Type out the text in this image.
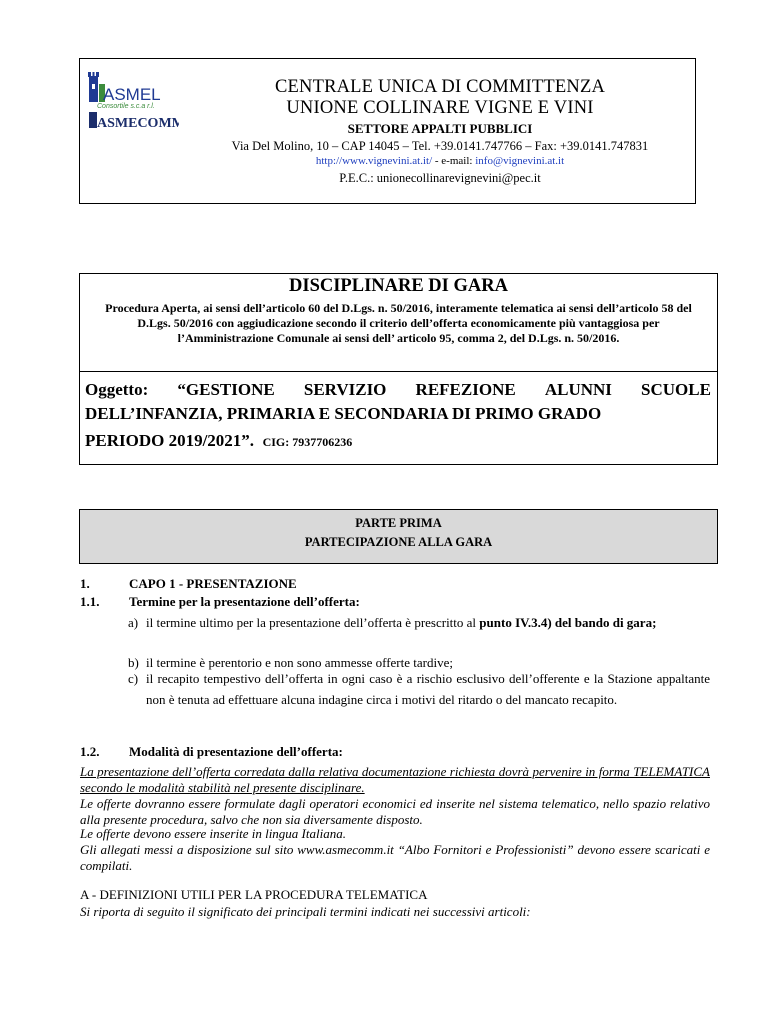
ASMEL
Consortile s.c.a r.l.
ASMECOMM
CENTRALE UNICA DI COMMITTENZA
UNIONE COLLINARE VIGNE E VINI
SETTORE APPALTI PUBBLICI
Via Del Molino, 10 – CAP 14045 – Tel. +39.0141.747766 – Fax: +39.0141.747831
http://www.vignevini.at.it/ - e-mail: info@vignevini.at.it
P.E.C.: unionecollinarevignevini@pec.it
DISCIPLINARE DI GARA
Procedura Aperta, ai sensi dell’articolo 60 del D.Lgs. n. 50/2016, interamente telematica ai sensi dell’articolo 58 del D.Lgs. 50/2016 con aggiudicazione secondo il criterio dell’offerta economicamente più vantaggiosa per l’Amministrazione Comunale ai sensi dell’ articolo 95, comma 2, del D.Lgs. n. 50/2016.
Oggetto: “GESTIONE SERVIZIO REFEZIONE ALUNNI SCUOLE
DELL’INFANZIA, PRIMARIA E SECONDARIA DI PRIMO GRADO
PERIODO 2019/2021”. CIG: 7937706236
PARTE PRIMA
PARTECIPAZIONE ALLA GARA
1.	CAPO 1 - PRESENTAZIONE
1.1. Termine per la presentazione dell’offerta:
a) il termine ultimo per la presentazione dell’offerta è prescritto al punto IV.3.4) del bando di gara;
b) il termine è perentorio e non sono ammesse offerte tardive;
c) il recapito tempestivo dell’offerta in ogni caso è a rischio esclusivo dell’offerente e la Stazione appaltante non è tenuta ad effettuare alcuna indagine circa i motivi del ritardo o del mancato recapito.
1.2. Modalità di presentazione dell’offerta:
La presentazione dell’offerta corredata dalla relativa documentazione richiesta dovrà pervenire in forma TELEMATICA secondo le modalità stabilità nel presente disciplinare.
Le offerte dovranno essere formulate dagli operatori economici ed inserite nel sistema telematico, nello spazio relativo alla presente procedura, salvo che non sia diversamente disposto.
Le offerte devono essere inserite in lingua Italiana.
Gli allegati messi a disposizione sul sito www.asmecomm.it “Albo Fornitori e Professionisti” devono essere scaricati e compilati.
A - DEFINIZIONI UTILI PER LA PROCEDURA TELEMATICA
Si riporta di seguito il significato dei principali termini indicati nei successivi articoli:
